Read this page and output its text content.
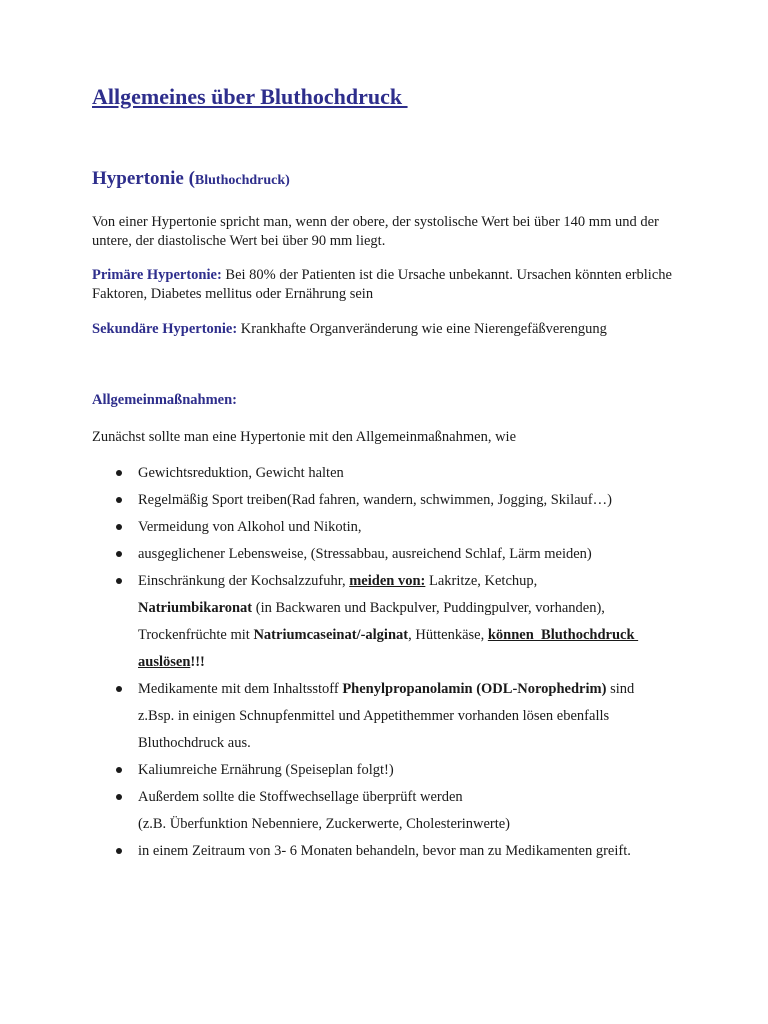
Allgemeines über Bluthochdruck
Hypertonie (Bluthochdruck)

Von einer Hypertonie spricht man, wenn der obere, der systolische Wert bei über 140 mm und der untere, der diastolische Wert bei über 90 mm liegt.

Primäre Hypertonie: Bei 80% der Patienten ist die Ursache unbekannt. Ursachen könnten erbliche Faktoren, Diabetes mellitus oder Ernährung sein

Sekundäre Hypertonie: Krankhafte Organveränderung wie eine Nierengefäßverengung

Allgemeinmaßnahmen:

Zunächst sollte man eine Hypertonie mit den Allgemeinmaßnahmen, wie

Gewichtsreduktion, Gewicht halten
Regelmäßig Sport treiben(Rad fahren, wandern, schwimmen, Jogging, Skilauf…)
Vermeidung von Alkohol und Nikotin,
ausgeglichener Lebensweise, (Stressabbau, ausreichend Schlaf, Lärm meiden)
Einschränkung der Kochsalzzufuhr, meiden von: Lakritze, Ketchup,
Natriumbikaronat (in Backwaren und Backpulver, Puddingpulver, vorhanden),
Trockenfrüchte mit Natriumcaseinat/-alginat, Hüttenkäse, können  Bluthochdruck
auslösen!!!
Medikamente mit dem Inhaltsstoff Phenylpropanolamin (ODL-Norophedrim) sind
z.Bsp. in einigen Schnupfenmittel und Appetithemmer vorhanden lösen ebenfalls
Bluthochdruck aus.
Kaliumreiche Ernährung (Speiseplan folgt!)
Außerdem sollte die Stoffwechsellage überprüft werden
(z.B. Überfunktion Nebenniere, Zuckerwerte, Cholesterinwerte)
in einem Zeitraum von 3- 6 Monaten behandeln, bevor man zu Medikamenten greift.
